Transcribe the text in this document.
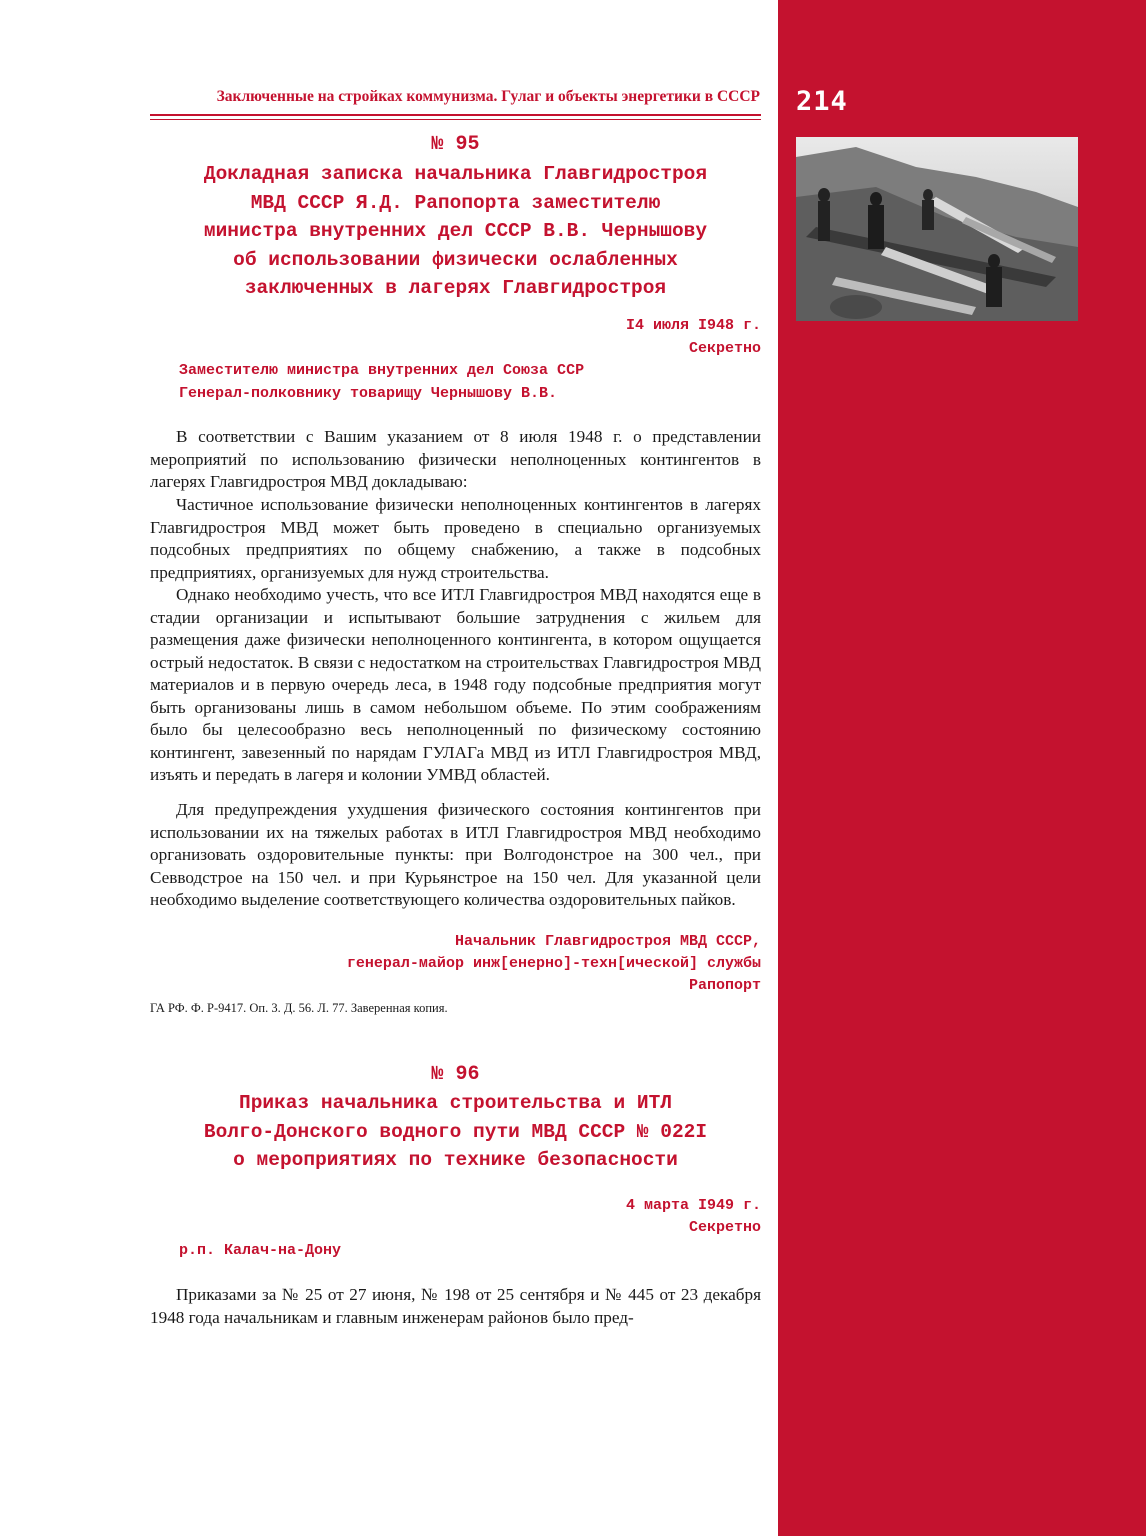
214
Заключенные на стройках коммунизма. Гулаг и объекты энергетики в СССР
№ 95
Докладная записка начальника Главгидростроя
МВД СССР Я.Д. Рапопорта заместителю
министра внутренних дел СССР В.В. Чернышову
об использовании физически ослабленных
заключенных в лагерях Главгидростроя
I4 июля I948 г.
Секретно
Заместителю министра внутренних дел Союза ССР
Генерал-полковнику товарищу Чернышову В.В.

В соответствии с Вашим указанием от 8 июля 1948 г. о представлении мероприятий по использованию физически неполноценных контингентов в лагерях Главгидростроя МВД докладываю:

Частичное использование физически неполноценных контингентов в лагерях Главгидростроя МВД может быть проведено в специально организуемых подсобных предприятиях по общему снабжению, а также в подсобных предприятиях, организуемых для нужд строительства.

Однако необходимо учесть, что все ИТЛ Главгидростроя МВД находятся еще в стадии организации и испытывают большие затруднения с жильем для размещения даже физически неполноценного контингента, в котором ощущается острый недостаток. В связи с недостатком на строительствах Главгидростроя МВД материалов и в первую очередь леса, в 1948 году подсобные предприятия могут быть организованы лишь в самом небольшом объеме. По этим соображениям было бы целесообразно весь неполноценный по физическому состоянию контингент, завезенный по нарядам ГУЛАГа МВД из ИТЛ Главгидростроя МВД, изъять и передать в лагеря и колонии УМВД областей.

Для предупреждения ухудшения физического состояния контингентов при использовании их на тяжелых работах в ИТЛ Главгидростроя МВД необходимо организовать оздоровительные пункты: при Волгодонстрое на 300 чел., при Севводстрое на 150 чел. и при Курьянстрое на 150 чел. Для указанной цели необходимо выделение соответствующего количества оздоровительных пайков.

Начальник Главгидростроя МВД СССР,
генерал-майор инж[енерно]-техн[ической] службы
Рапопорт
ГА РФ. Ф. Р-9417. Оп. 3. Д. 56. Л. 77. Заверенная копия.
№ 96
Приказ начальника строительства и ИТЛ
Волго-Донского водного пути МВД СССР № 022I
о мероприятиях по технике безопасности
4 марта I949 г.
Секретно
р.п. Калач-на-Дону

Приказами за № 25 от 27 июня, № 198 от 25 сентября и № 445 от 23 декабря 1948 года начальникам и главным инженерам районов было пред-
